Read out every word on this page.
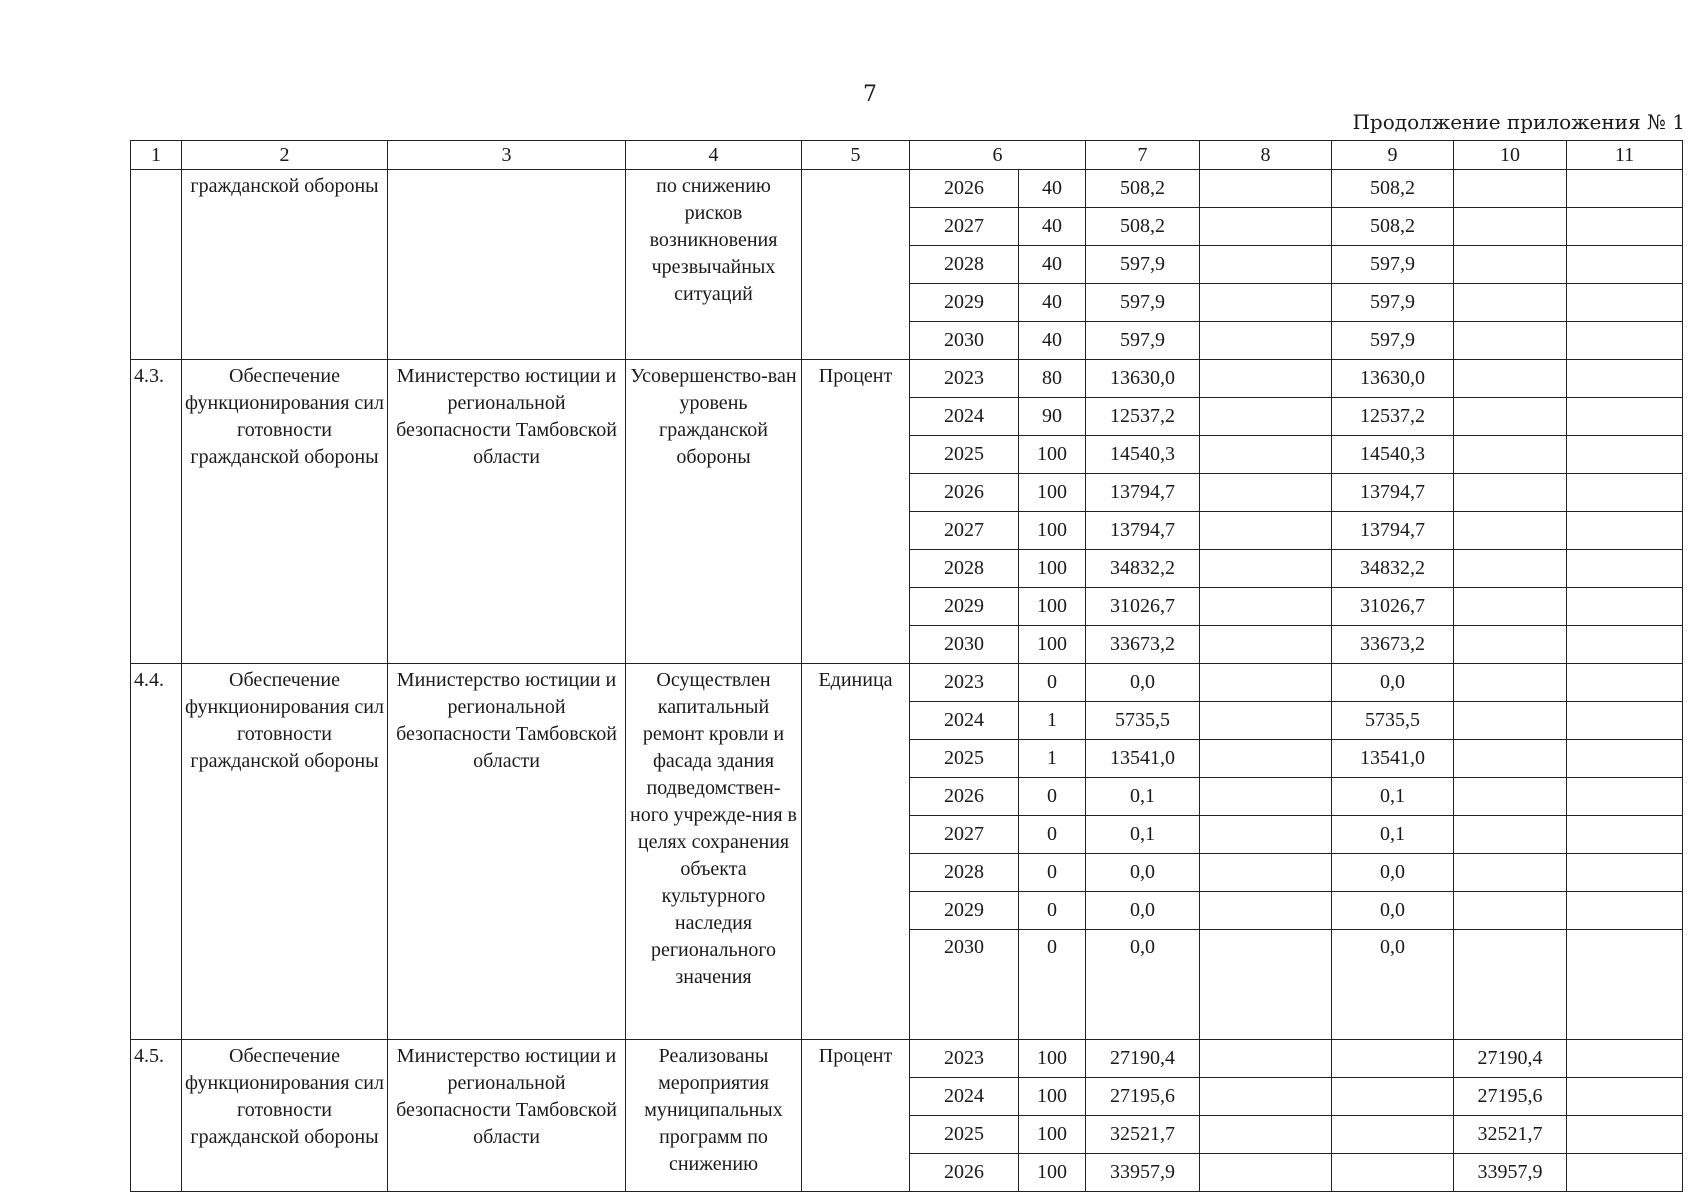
7
Продолжение приложения № 1
1	2	3	4	5	6		7	8	9	10	11
	гражданской обороны		по снижению рисков возникновения чрезвычайных ситуаций		2026	40	508,2		508,2		
					2027	40	508,2		508,2		
					2028	40	597,9		597,9		
					2029	40	597,9		597,9		
					2030	40	597,9		597,9		
4.3.	Обеспечение функционирования сил готовности гражданской обороны	Министерство юстиции и региональной безопасности Тамбовской области	Усовершенство-ван уровень гражданской обороны	Процент	2023	80	13630,0		13630,0		
					2024	90	12537,2		12537,2		
					2025	100	14540,3		14540,3		
					2026	100	13794,7		13794,7		
					2027	100	13794,7		13794,7		
					2028	100	34832,2		34832,2		
					2029	100	31026,7		31026,7		
					2030	100	33673,2		33673,2		
4.4.	Обеспечение функционирования сил готовности гражданской обороны	Министерство юстиции и региональной безопасности Тамбовской области	Осуществлен капитальный ремонт кровли и фасада здания подведомствен-ного учрежде-ния в целях сохранения объекта культурного наследия регионального значения	Единица	2023	0	0,0		0,0		
					2024	1	5735,5		5735,5		
					2025	1	13541,0		13541,0		
					2026	0	0,1		0,1		
					2027	0	0,1		0,1		
					2028	0	0,0		0,0		
					2029	0	0,0		0,0		
					2030	0	0,0		0,0		
4.5.	Обеспечение функционирования сил готовности гражданской обороны	Министерство юстиции и региональной безопасности Тамбовской области	Реализованы мероприятия муниципальных программ по снижению	Процент	2023	100	27190,4			27190,4	
					2024	100	27195,6			27195,6	
					2025	100	32521,7			32521,7	
					2026	100	33957,9			33957,9	
